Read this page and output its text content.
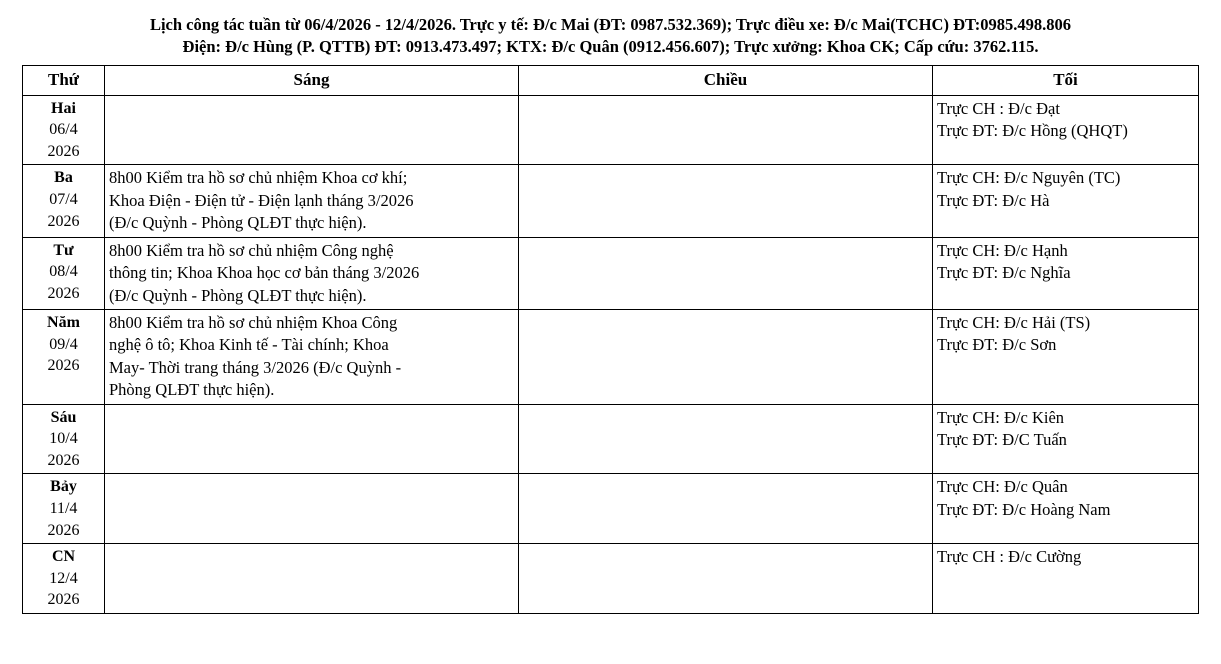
Lịch công tác tuần từ 06/4/2026 - 12/4/2026. Trực y tế: Đ/c Mai (ĐT: 0987.532.369); Trực điều xe: Đ/c Mai(TCHC) ĐT:0985.498.806
Điện: Đ/c Hùng (P. QTTB) ĐT: 0913.473.497; KTX: Đ/c Quân (0912.456.607); Trực xưởng: Khoa CK; Cấp cứu: 3762.115.
Thứ	Sáng	Chiều	Tối

Hai
06/4
2026			Trực CH : Đ/c Đạt
Trực ĐT: Đ/c Hồng (QHQT)

Ba
07/4
2026	8h00 Kiểm tra hồ sơ chủ nhiệm Khoa cơ khí;
Khoa Điện - Điện tử - Điện lạnh tháng 3/2026
(Đ/c Quỳnh - Phòng QLĐT thực hiện).		Trực CH: Đ/c Nguyên (TC)
Trực ĐT: Đ/c Hà

Tư
08/4
2026	8h00 Kiểm tra hồ sơ chủ nhiệm Công nghệ
thông tin; Khoa Khoa học cơ bản tháng 3/2026
(Đ/c Quỳnh - Phòng QLĐT thực hiện).		Trực CH: Đ/c Hạnh
Trực ĐT: Đ/c Nghĩa

Năm
09/4
2026	8h00 Kiểm tra hồ sơ chủ nhiệm Khoa Công
nghệ ô tô; Khoa Kinh tế - Tài chính; Khoa
May- Thời trang tháng 3/2026 (Đ/c Quỳnh -
Phòng QLĐT thực hiện).		Trực CH: Đ/c Hải (TS)
Trực ĐT: Đ/c Sơn

Sáu
10/4
2026			Trực CH: Đ/c Kiên
Trực ĐT: Đ/C Tuấn

Bảy
11/4
2026			Trực CH: Đ/c Quân
Trực ĐT: Đ/c Hoàng Nam

CN
12/4
2026			Trực CH : Đ/c Cường
